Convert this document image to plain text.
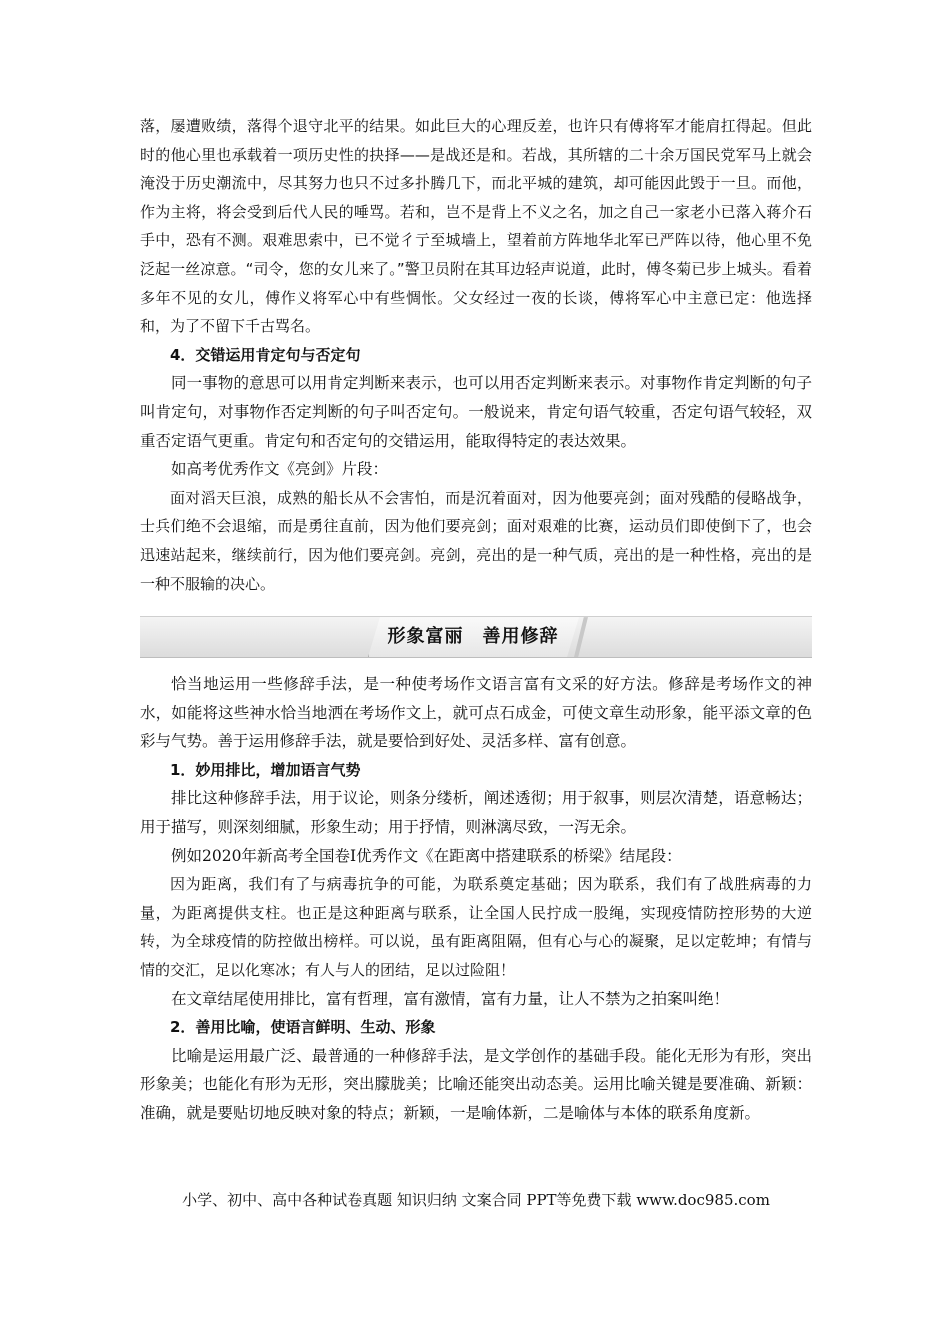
落，屡遭败绩，落得个退守北平的结果。如此巨大的心理反差，也许只有傅将军才能肩扛得起。但此时的他心里也承载着一项历史性的抉择——是战还是和。若战，其所辖的二十余万国民党军马上就会淹没于历史潮流中，尽其努力也只不过多扑腾几下，而北平城的建筑，却可能因此毁于一旦。而他，作为主将，将会受到后代人民的唾骂。若和，岂不是背上不义之名，加之自己一家老小已落入蒋介石手中，恐有不测。艰难思索中，已不觉彳亍至城墙上，望着前方阵地华北军已严阵以待，他心里不免泛起一丝凉意。“司令，您的女儿来了。”警卫员附在其耳边轻声说道，此时，傅冬菊已步上城头。看着多年不见的女儿，傅作义将军心中有些惆怅。父女经过一夜的长谈，傅将军心中主意已定：他选择和，为了不留下千古骂名。

4．交错运用肯定句与否定句

同一事物的意思可以用肯定判断来表示，也可以用否定判断来表示。对事物作肯定判断的句子叫肯定句，对事物作否定判断的句子叫否定句。一般说来，肯定句语气较重，否定句语气较轻，双重否定语气更重。肯定句和否定句的交错运用，能取得特定的表达效果。

如高考优秀作文《亮剑》片段：

面对滔天巨浪，成熟的船长从不会害怕，而是沉着面对，因为他要亮剑；面对残酷的侵略战争，士兵们绝不会退缩，而是勇往直前，因为他们要亮剑；面对艰难的比赛，运动员们即使倒下了，也会迅速站起来，继续前行，因为他们要亮剑。亮剑，亮出的是一种气质，亮出的是一种性格，亮出的是一种不服输的决心。

形象富丽　善用修辞

恰当地运用一些修辞手法，是一种使考场作文语言富有文采的好方法。修辞是考场作文的神水，如能将这些神水恰当地洒在考场作文上，就可点石成金，可使文章生动形象，能平添文章的色彩与气势。善于运用修辞手法，就是要恰到好处、灵活多样、富有创意。

1．妙用排比，增加语言气势

排比这种修辞手法，用于议论，则条分缕析，阐述透彻；用于叙事，则层次清楚，语意畅达；用于描写，则深刻细腻，形象生动；用于抒情，则淋漓尽致，一泻无余。

例如2020年新高考全国卷Ⅰ优秀作文《在距离中搭建联系的桥梁》结尾段：

因为距离，我们有了与病毒抗争的可能，为联系奠定基础；因为联系，我们有了战胜病毒的力量，为距离提供支柱。也正是这种距离与联系，让全国人民拧成一股绳，实现疫情防控形势的大逆转，为全球疫情的防控做出榜样。可以说，虽有距离阻隔，但有心与心的凝聚，足以定乾坤；有情与情的交汇，足以化寒冰；有人与人的团结，足以过险阻！

在文章结尾使用排比，富有哲理，富有激情，富有力量，让人不禁为之拍案叫绝！

2．善用比喻，使语言鲜明、生动、形象

比喻是运用最广泛、最普通的一种修辞手法，是文学创作的基础手段。能化无形为有形，突出形象美；也能化有形为无形，突出朦胧美；比喻还能突出动态美。运用比喻关键是要准确、新颖：准确，就是要贴切地反映对象的特点；新颖，一是喻体新，二是喻体与本体的联系角度新。

小学、初中、高中各种试卷真题 知识归纳 文案合同 PPT等免费下载 www.doc985.com
